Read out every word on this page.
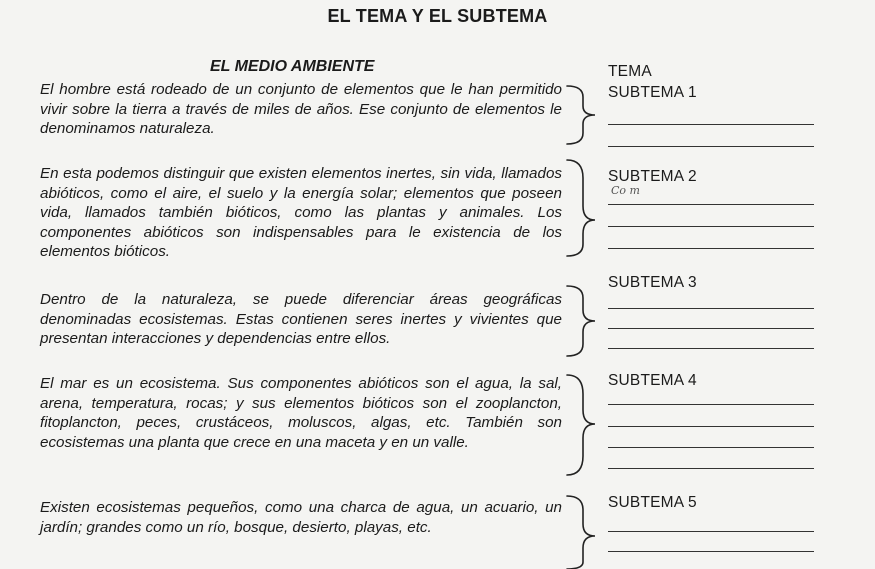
EL TEMA Y EL SUBTEMA
EL MEDIO AMBIENTE
El hombre está rodeado de un conjunto de elementos que le han permitido vivir sobre la tierra a través de miles de años. Ese conjunto de elementos le denominamos naturaleza.
En esta podemos distinguir que existen elementos inertes, sin vida, llamados abióticos, como el aire, el suelo y la energía solar; elementos que poseen vida, llamados también bióticos, como las plantas y animales. Los componentes abióticos son indispensables para le existencia de los elementos bióticos.
Dentro de la naturaleza, se puede diferenciar áreas geográficas denominadas ecosistemas. Estas contienen seres inertes y vivientes que presentan interacciones y dependencias entre ellos.
El mar es un ecosistema. Sus componentes abióticos son el agua, la sal, arena, temperatura, rocas; y sus elementos bióticos son el zooplancton, fitoplancton, peces, crustáceos, moluscos, algas, etc. También son ecosistemas una planta que crece en una maceta y en un valle.
Existen ecosistemas pequeños, como una charca de agua, un acuario, un jardín; grandes como un río, bosque, desierto, playas, etc.
TEMA
SUBTEMA 1
SUBTEMA 2
Co m
SUBTEMA 3
SUBTEMA 4
SUBTEMA 5
